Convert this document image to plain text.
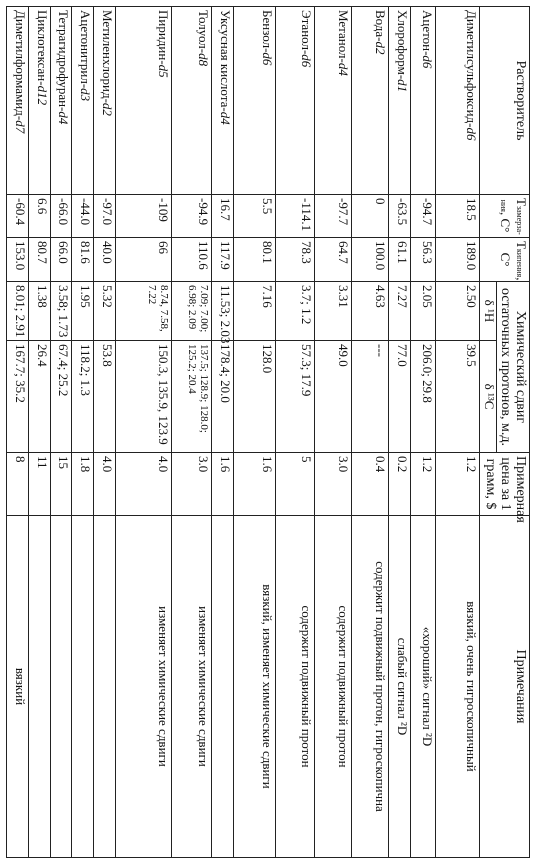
Растворитель	Тзамерза-ния, С°	Ткипения, С°	Химический сдвиг остаточных протонов, м.д.		Примерная цена за 1 грамм, $	Примечания
			δ ¹H	δ ¹³C		
Диметилсульфоксид-d6	18.5	189.0	2.50	39.5	1.2	вязкий, очень гигроскопичный
Ацетон-d6	-94.7	56.3	2.05	206.0; 29.8	1.2	«хороший» сигнал ²D
Хлороформ-d1	-63.5	61.1	7.27	77.0	0.2	слабый сигнал ²D
Вода-d2	0	100.0	4.63	---	0.4	содержит подвижный протон, гигроскопична
Метанол-d4	-97.7	64.7	3.31	49.0	3.0	содержит подвижный протон
Этанол-d6	-114.1	78.3	3.7; 1.2	57.3; 17.9	5	содержит подвижный протон
Бензол-d6	5.5	80.1	7.16	128.0	1.6	вязкий, изменяет химические сдвиги
Уксусная кислота-d4	16.7	117.9	11.53; 2.03	178.4; 20.0	1.6	
Толуол-d8	-94.9	110.6	7.09; 7.00; 6.98; 2.09	137.5; 128.9; 128.0; 125.2; 20.4	3.0	изменяет химические сдвиги
Пиридин-d5	-109	66	8.74, 7.58, 7.22	150.3, 135.9, 123.9	4.0	изменяет химические сдвиги
Метиленхлорид-d2	-97.0	40.0	5.32	53.8	4.0	
Ацетонитрил-d3	-44.0	81.6	1.95	118.2; 1.3	1.8	
Тетрагидрофуран-d4	-66.0	66.0	3.58; 1.73	67.4; 25.2	15	
Циклогексан-d12	6.6	80.7	1.38	26.4	11	
Диметилформамид-d7	-60.4	153.0	8.01; 2.91	167.7; 35.2	8	вязкий
